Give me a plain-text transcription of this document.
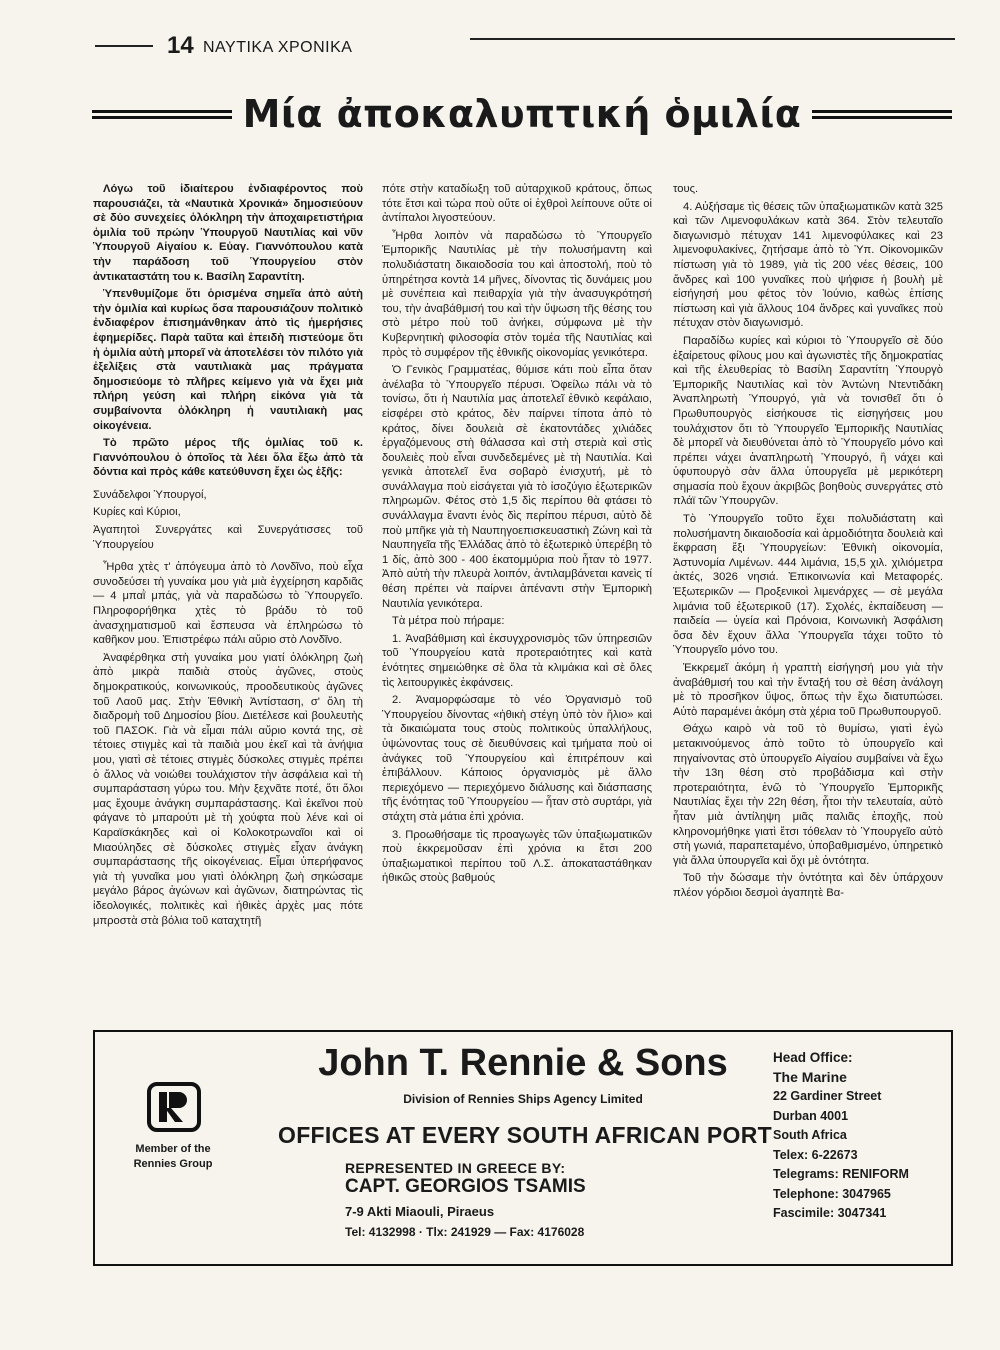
14 ΝΑΥΤΙΚΑ ΧΡΟΝΙΚΑ
Μία ἀποκαλυπτική ὁμιλία

Λόγω τοῦ ἰδιαίτερου ἐνδιαφέροντος ποὺ παρουσιάζει, τὰ «Ναυτικὰ Χρονικά» δημοσιεύουν σὲ δύο συνεχείες ὁλόκληρη τὴν ἀποχαιρετιστήρια ὁμιλία τοῦ πρώην Ὑπουργοῦ Ναυτιλίας καὶ νῦν Ὑπουργοῦ Αἰγαίου κ. Εὐαγ. Γιαννόπουλου κατὰ τὴν παράδοση τοῦ Ὑπουργείου στὸν ἀντικαταστάτη του κ. Βασίλη Σαραντίτη.

Ὑπενθυμίζομε ὅτι ὁρισμένα σημεῖα ἀπὸ αὐτὴ τὴν ὁμιλία καὶ κυρίως ὅσα παρουσιάζουν πολιτικὸ ἐνδιαφέρον ἐπισημάνθηκαν ἀπὸ τὶς ἡμερήσιες ἐφημερίδες. Παρὰ ταῦτα καὶ ἐπειδὴ πιστεύομε ὅτι ἡ ὁμιλία αὐτὴ μπορεῖ νὰ ἀποτελέσει τὸν πιλότο γιὰ ἐξελίξεις στὰ ναυτιλιακὰ μας πράγματα δημοσιεύομε τὸ πλῆρες κείμενο γιὰ νὰ ἔχει μιὰ πλήρη γεύση καὶ πλήρη εἰκόνα γιὰ τὰ συμβαίνοντα ὁλόκληρη ἡ ναυτιλιακὴ μας οἰκογένεια.

Τὸ πρῶτο μέρος τῆς ὁμιλίας τοῦ κ. Γιαννόπουλου ὁ ὁποῖος τὰ λέει ὅλα ἔξω ἀπὸ τὰ δόντια καὶ πρὸς κάθε κατεύθυνση ἔχει ὡς ἑξῆς:

Συνάδελφοι Ὑπουργοί,

Κυρίες καὶ Κύριοι,

Ἀγαπητοὶ Συνεργάτες καὶ Συνεργάτισσες τοῦ Ὑπουργείου

Ἦρθα χτὲς τ' ἀπόγευμα ἀπὸ τὸ Λονδῖνο, ποὺ εἶχα συνοδεύσει τὴ γυναίκα μου γιὰ μιὰ ἐγχείρηση καρδιᾶς — 4 μπαῒ μπάς, γιὰ νὰ παραδώσω τὸ Ὑπουργεῖο. Πληροφορήθηκα χτὲς τὸ βράδυ τὸ τοῦ ἀνασχηματισμοῦ καὶ ἔσπευσα νὰ ἐπληρώσω τὸ καθῆκον μου. Ἐπιστρέφω πάλι αὔριο στὸ Λονδῖνο.

Ἀναφέρθηκα στὴ γυναίκα μου γιατί ὁλόκληρη ζωὴ ἀπὸ μικρὰ παιδιὰ στοὺς ἀγῶνες, στοὺς δημοκρατικούς, κοινωνικούς, προοδευτικοὺς ἀγῶνες τοῦ Λαοῦ μας. Στὴν Ἐθνικὴ Ἀντίσταση, σ' ὅλη τὴ διαδρομὴ τοῦ Δημοσίου βίου. Διετέλεσε καὶ βουλευτὴς τοῦ ΠΑΣΟΚ. Γιὰ νὰ εἶμαι πάλι αὔριο κοντά της, σὲ τέτοιες στιγμὲς καὶ τὰ παιδιὰ μου ἐκεῖ καὶ τὰ ἀνήψια μου, γιατὶ σὲ τέτοιες στιγμὲς δύσκολες στιγμὲς πρέπει ὁ ἄλλος νὰ νοιώθει τουλάχιστον τὴν ἀσφάλεια καὶ τὴ συμπαράσταση γύρω του. Μὴν ξεχνᾶτε ποτέ, ὅτι ὅλοι μας ἔχουμε ἀνάγκη συμπαράστασης. Καὶ ἐκεῖνοι ποὺ φάγανε τὸ μπαρούτι μὲ τὴ χούφτα ποὺ λένε καὶ οἱ Καραϊσκάκηδες καὶ οἱ Κολοκοτρωναῖοι καὶ οἱ Μιαούληδες σὲ δύσκολες στιγμὲς εἶχαν ἀνάγκη συμπαράστασης τῆς οἰκογένειας. Εἶμαι ὑπερήφανος γιὰ τὴ γυναῖκα μου γιατὶ ὁλόκληρη ζωὴ σηκώσαμε μεγάλο βάρος ἀγώνων καὶ ἀγῶνων, διατηρώντας τὶς ἰδεολογικές, πολιτικὲς καὶ ἠθικὲς ἀρχὲς μας πότε μπροστὰ στὰ βόλια τοῦ καταχτητῆ

πότε στὴν καταδίωξη τοῦ αὐταρχικοῦ κράτους, ὅπως τότε ἔτσι καὶ τώρα ποὺ οὔτε οἱ ἐχθροὶ λείπουνε οὔτε οἱ ἀντίπαλοι λιγοστεύουν.

Ἦρθα λοιπὸν νὰ παραδώσω τὸ Ὑπουργεῖο Ἐμπορικῆς Ναυτιλίας μὲ τὴν πολυσήμαντη καὶ πολυδιάστατη δικαιοδοσία του καὶ ἀποστολή, ποὺ τὸ ὑπηρέτησα κοντὰ 14 μῆνες, δίνοντας τὶς δυνάμεις μου μὲ συνέπεια καὶ πειθαρχία γιὰ τὴν ἀνασυγκρότησή του, τὴν ἀναβάθμισή του καὶ τὴν ὕψωση τῆς θέσης του στὸ μέτρο ποὺ τοῦ ἀνήκει, σύμφωνα μὲ τὴν Κυβερνητικὴ φιλοσοφία στὸν τομέα τῆς Ναυτιλίας καὶ πρὸς τὸ συμφέρον τῆς ἐθνικῆς οἰκονομίας γενικότερα.

Ὁ Γενικὸς Γραμματέας, θύμισε κάτι ποὺ εἶπα ὅταν ἀνέλαβα τὸ Ὑπουργεῖο πέρυσι. Ὀφείλω πάλι νὰ τὸ τονίσω, ὅτι ἡ Ναυτιλία μας ἀποτελεῖ ἐθνικὸ κεφάλαιο, εἰσφέρει στὸ κράτος, δὲν παίρνει τίποτα ἀπὸ τὸ κράτος, δίνει δουλειὰ σὲ ἑκατοντάδες χιλιάδες ἐργαζόμενους στὴ θάλασσα καὶ στὴ στεριὰ καὶ στὶς δουλειὲς ποὺ εἶναι συνδεδεμένες μὲ τὴ Ναυτιλία. Καὶ γενικὰ ἀποτελεῖ ἕνα σοβαρὸ ἐνισχυτή, μὲ τὸ συνάλλαγμα ποὺ εἰσάγεται γιὰ τὸ ἰσοζύγιο ἐξωτερικῶν πληρωμῶν. Φέτος στὸ 1,5 δὶς περίπου θὰ φτάσει τὸ συνάλλαγμα ἔναντι ἑνὸς δὶς περίπου πέρυσι, αὐτὸ δὲ ποὺ μπῆκε γιὰ τὴ Ναυπηγοεπισκευαστικὴ Ζώνη καὶ τὰ Ναυπηγεῖα τῆς Ἑλλάδας ἀπὸ τὸ ἐξωτερικὸ ὑπερέβη τὸ 1 δίς, ἀπὸ 300 - 400 ἑκατομμύρια ποὺ ἦταν τὸ 1977. Ἀπὸ αὐτὴ τὴν πλευρὰ λοιπόν, ἀντιλαμβάνεται κανεὶς τί θέση πρέπει νὰ παίρνει ἀπέναντι στὴν Ἐμπορικὴ Ναυτιλία γενικότερα.

Τὰ μέτρα ποὺ πήραμε:

1. Ἀναβάθμιση καὶ ἐκσυγχρονισμὸς τῶν ὑπηρεσιῶν τοῦ Ὑπουργείου κατὰ προτεραιότητες καὶ κατὰ ἑνότητες σημειώθηκε σὲ ὅλα τὰ κλιμάκια καὶ σὲ ὅλες τὶς λειτουργικὲς ἐκφάνσεις.

2. Ἀναμορφώσαμε τὸ νέο Ὀργανισμὸ τοῦ Ὑπουργείου δίνοντας «ἠθικὴ στέγη ὑπὸ τὸν ἥλιο» καὶ τὰ δικαιώματα τους στοὺς πολιτικοὺς ὑπαλλήλους, ὑψώνοντας τους σὲ διευθύνσεις καὶ τμήματα ποὺ οἱ ἀνάγκες τοῦ Ὑπουργείου καὶ ἐπιτρέπουν καὶ ἐπιβάλλουν. Κάποιος ὀργανισμὸς μὲ ἄλλο περιεχόμενο — περιεχόμενο διάλυσης καὶ διάσπασης τῆς ἑνότητας τοῦ Ὑπουργείου — ἦταν στὸ συρτάρι, γιὰ στάχτη στὰ μάτια ἐπὶ χρόνια.

3. Προωθήσαμε τὶς προαγωγὲς τῶν ὑπαξιωματικῶν ποὺ ἐκκρεμοῦσαν ἐπὶ χρόνια κι ἔτσι 200 ὑπαξιωματικοὶ περίπου τοῦ Λ.Σ. ἀποκαταστάθηκαν ἠθικῶς στοὺς βαθμούς

τους.

4. Αὐξήσαμε τὶς θέσεις τῶν ὑπαξιωματικῶν κατὰ 325 καὶ τῶν Λιμενοφυλάκων κατὰ 364. Στὸν τελευταῖο διαγωνισμὸ πέτυχαν 141 λιμενοφύλακες καὶ 23 λιμενοφυλακίνες, ζητήσαμε ἀπὸ τὸ Ὑπ. Οἰκονομικῶν πίστωση γιὰ τὸ 1989, γιὰ τὶς 200 νέες θέσεις, 100 ἄνδρες καὶ 100 γυναῖκες ποὺ ψήφισε ἡ βουλὴ μὲ εἰσήγησή μου φέτος τὸν Ἰούνιο, καθὼς ἐπίσης πίστωση καὶ γιὰ ἄλλους 104 ἄνδρες καὶ γυναῖκες ποὺ πέτυχαν στὸν διαγωνισμό.

Παραδίδω κυρίες καὶ κύριοι τὸ Ὑπουργεῖο σὲ δύο ἐξαίρετους φίλους μου καὶ ἀγωνιστὲς τῆς δημοκρατίας καὶ τῆς ἐλευθερίας τὸ Βασίλη Σαραντίτη Ὑπουργὸ Ἐμπορικῆς Ναυτιλίας καὶ τὸν Ἀντώνη Ντεντιδάκη Ἀναπληρωτὴ Ὑπουργό, γιὰ νὰ τονισθεῖ ὅτι ὁ Πρωθυπουργὸς εἰσήκουσε τὶς εἰσηγήσεις μου τουλάχιστον ὅτι τὸ Ὑπουργεῖο Ἐμπορικῆς Ναυτιλίας δὲ μπορεῖ νὰ διευθύνεται ἀπὸ τὸ Ὑπουργεῖο μόνο καὶ πρέπει νάχει ἀναπληρωτὴ Ὑπουργό, ἢ νάχει καὶ ὑφυπουργὸ σὰν ἄλλα ὑπουργεῖα μὲ μερικότερη σημασία ποὺ ἔχουν ἀκριβῶς βοηθοὺς συνεργάτες στὸ πλάϊ τῶν Ὑπουργῶν.

Τὸ Ὑπουργεῖο τοῦτο ἔχει πολυδιάστατη καὶ πολυσήμαντη δικαιοδοσία καὶ ἁρμοδιότητα δουλειὰ καὶ ἔκφραση ἔξι Ὑπουργείων: Ἐθνικὴ οἰκονομία, Ἀστυνομία Λιμένων. 444 λιμάνια, 15,5 χιλ. χιλιόμετρα ἀκτές, 3026 νησιά. Ἐπικοινωνία καὶ Μεταφορές. Ἐξωτερικῶν — Προξενικοὶ λιμενάρχες — σὲ μεγάλα λιμάνια τοῦ ἐξωτερικοῦ (17). Σχολές, ἐκπαίδευση — παιδεία — ὑγεία καὶ Πρόνοια, Κοινωνικὴ Ἀσφάλιση ὅσα δὲν ἔχουν ἄλλα Ὑπουργεῖα τάχει τοῦτο τὸ Ὑπουργεῖο μόνο του.

Ἐκκρεμεῖ ἀκόμη ἡ γραπτὴ εἰσήγησή μου γιὰ τὴν ἀναβάθμισή του καὶ τὴν ἔνταξή του σὲ θέση ἀνάλογη μὲ τὸ προσῆκον ὕψος, ὅπως τὴν ἔχω διατυπώσει. Αὐτὸ παραμένει ἀκόμη στὰ χέρια τοῦ Πρωθυπουργοῦ.

Θάχω καιρὸ νὰ τοῦ τὸ θυμίσω, γιατὶ ἐγὼ μετακινούμενος ἀπὸ τοῦτο τὸ ὑπουργεῖο καὶ πηγαίνοντας στὸ ὑπουργεῖο Αἰγαίου συμβαίνει νὰ ἔχω τὴν 13η θέση στὸ προβάδισμα καὶ στὴν προτεραιότητα, ἐνῶ τὸ Ὑπουργεῖο Ἐμπορικῆς Ναυτιλίας ἔχει τὴν 22η θέση, ἦτοι τὴν τελευταία, αὐτὸ ἦταν μιὰ ἀντίληψη μιᾶς παλιᾶς ἐποχῆς, ποὺ κληρονομήθηκε γιατὶ ἔτσι τόθελαν τὸ Ὑπουργεῖο αὐτὸ στὴ γωνιά, παραπεταμένο, ὑποβαθμισμένο, ὑπηρετικὸ γιὰ ἄλλα ὑπουργεῖα καὶ ὄχι μὲ ὀντότητα.

Τοῦ τὴν δώσαμε τὴν ὀντότητα καὶ δὲν ὑπάρχουν πλέον γόρδιοι δεσμοὶ ἀγαπητὲ Βα-

Member of the
Rennies Group
John T. Rennie & Sons
Division of Rennies Ships Agency Limited
OFFICES AT EVERY SOUTH AFRICAN PORT
REPRESENTED IN GREECE BY:
CAPT. GEORGIOS TSAMIS
7-9 Akti Miaouli, Piraeus
Tel: 4132998 · Tlx: 241929 — Fax: 4176028
Head Office:
The Marine
22 Gardiner Street
Durban 4001
South Africa
Telex: 6-22673
Telegrams: RENIFORM
Telephone: 3047965
Fascimile: 3047341
